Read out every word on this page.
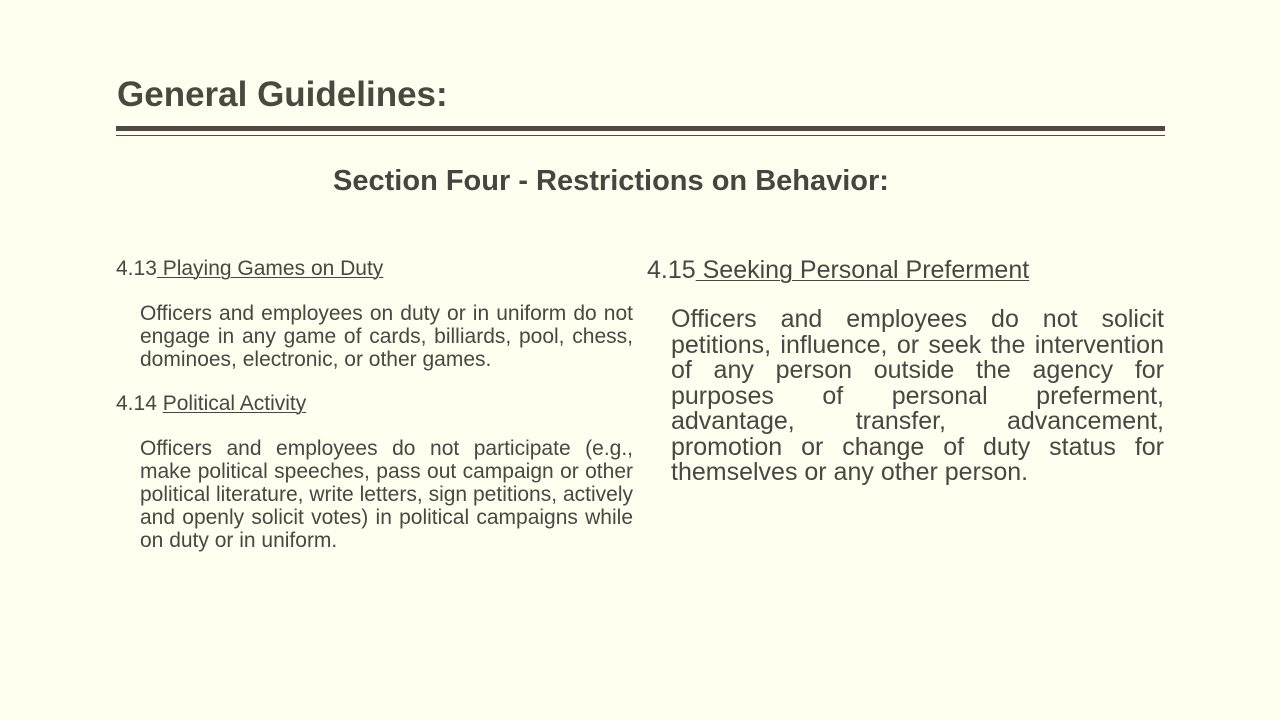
General Guidelines:
Section Four - Restrictions on Behavior:
4.13 Playing Games on Duty
Officers and employees on duty or in uniform do not engage in any game of cards, billiards, pool, chess, dominoes, electronic, or other games.
4.14 Political Activity
Officers and employees do not participate (e.g., make political speeches, pass out campaign or other political literature, write letters, sign petitions, actively and openly solicit votes) in political campaigns while on duty or in uniform.
4.15 Seeking Personal Preferment
Officers and employees do not solicit petitions, influence, or seek the intervention of any person outside the agency for purposes of personal preferment, advantage, transfer, advancement, promotion or change of duty status for themselves or any other person.
